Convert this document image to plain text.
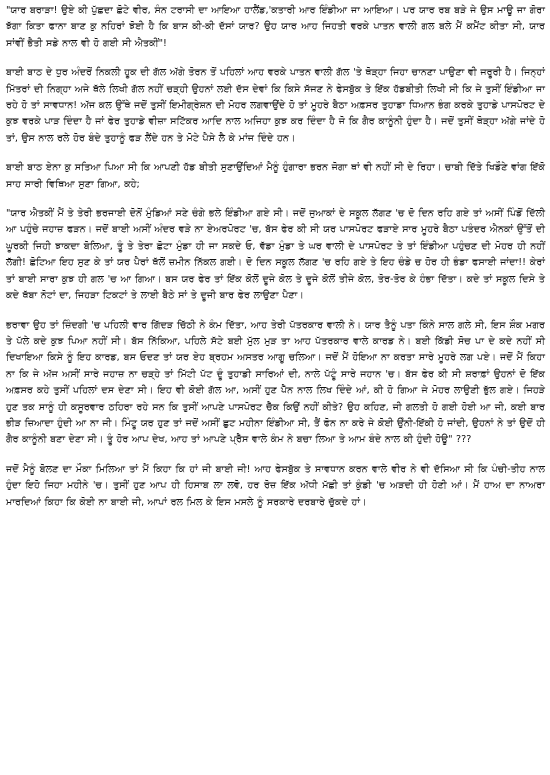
"ਯਾਰ ਬਰਾੜਾ! ਉਏ ਕੀ ਪੁੱਛਦਾ ਛੋਟੇ ਵੀਰ, ਸੰਨ ਟਰਾਸੀ ਦਾ ਆਇਆ ਹਾਲੈਂਡ,'ਕਤਾਰੀ ਆਰ ਇੰਡੀਆ ਜਾ ਆਇਆ। ਪਰ ਯਾਰ ਰਬ ਬੜੇ ਜੇ ਉਸ ਮਾਊ ਜਾ ਗੋਰਾ ਝੱਗਾ ਕਿਤਾ ਫਾਨਾ ਬਾਣ ਕੁ ਨਹਿਰਾਂ ਝੋਈ ਹੈ ਕਿ ਬਾਸ ਕੀ-ਕੀ ਦੱਸਾਂ ਯਾਰ? ਉਹ ਯਾਰ ਆਹ ਜਿਹਤੀ ਵਰਕੇ ਪਾਤਨ ਵਾਲੀ ਗਲ ਬਲੇ ਮੈਂ ਕਮੈਂਟ ਕੀਤਾ ਸੀ, ਯਾਰ ਸਾਂਵੀਂ ਭੈਤੀ ਸਡੇ ਨਾਲ ਵੀ ਹੋ ਗਈ ਸੀ ਐਤਕੀਂ"!

ਬਾਈ ਬਾਠ ਦੇ ਧੁਰ ਅੰਦਰੋਂ ਨਿਕਲੀ ਹੂਕ ਦੀ ਗੱਲ ਅੱਗੇ ਤੋਰਨ ਤੋਂ ਪਹਿਲਾਂ ਆਹ ਵਰਕੇ ਪਾਤਨ ਵਾਲੀ ਗੱਲ 'ਤੇ ਥੋੜ੍ਹਾ ਜਿਹਾ ਚਾਨਣਾ ਪਾਉਣਾ ਵੀ ਜਰੂਰੀ ਹੈ। ਜਿਨ੍ਹਾਂ ਮਿੱਤਰਾਂ ਦੀ ਨਿਗ੍ਹਾ ਅਜੇ ਥੱਲੇ ਲਿਖੀ ਗੱਲ ਨਹੀਂ ਚੜ੍ਹੀ ਉਹਨਾਂ ਲਈ ਦੱਸ ਦੇਵਾਂ ਕਿ ਕਿਸੇ ਸੱਜਣ ਨੇ ਫੇਸਬੁੱਕ ਤੇ ਇੱਕ ਹੱਡਬੀਤੀ ਲਿਖੀ ਸੀ ਕਿ ਜੇ ਤੁਸੀਂ ਇੰਡੀਆ ਜਾ ਰਹੇ ਹੋ ਤਾਂ ਸਾਵਧਾਨ! ਅੱਜ ਕਲ ਉੱਥੇ ਜਦੋਂ ਤੁਸੀਂ ਇਮੀਗ੍ਰੇਸ਼ਨ ਦੀ ਮੋਹਰ ਲਗਵਾਉਂਦੇ ਹੋ ਤਾਂ ਮੂਹਰੇ ਬੈਠਾ ਅਫ਼ਸਰ ਤੁਹਾਡਾ ਧਿਆਨ ਭੰਗ ਕਰਕੇ ਤੁਹਾਡੇ ਪਾਸਪੋਰਟ ਦੇ ਕੁਝ ਵਰਕੇ ਪਾੜ ਦਿੰਦਾ ਹੈ ਜਾਂ ਫੇਰ ਤੁਹਾਡੇ ਵੀਜ਼ਾ ਸਟਿੱਕਰ ਆਦਿ ਨਾਲ ਅਜਿਹਾ ਕੁਝ ਕਰ ਦਿੰਦਾ ਹੈ ਜੋ ਕਿ ਗੈਰ ਕਾਨੂੰਨੀ ਹੁੰਦਾ ਹੈ। ਜਦੋਂ ਤੁਸੀਂ ਥੋੜ੍ਹਾ ਅੱਗੇ ਜਾਂਦੇ ਹੋ ਤਾਂ, ਉਸ ਨਾਲ ਰਲੇ ਹੋਰ ਬੰਦੇ ਤੁਹਾਨੂੰ ਫੜ ਲੈਂਦੇ ਹਨ ਤੇ ਮੋਟੇ ਪੈਸੇ ਲੈ ਕੇ ਮਾਂਜ ਦਿੰਦੇ ਹਨ।

ਬਾਈ ਬਾਠ ਏਨਾ ਕੁ ਸਤਿਆ ਪਿਆ ਸੀ ਕਿ ਆਪਣੀ ਹੱਡ ਬੀਤੀ ਸੁਣਾਉਂਦਿਆਂ ਮੈਨੂੰ ਹੁੰਗਾਰਾ ਭਰਨ ਜੋਗਾ ਥਾਂ ਵੀ ਨਹੀਂ ਸੀ ਦੇ ਰਿਹਾ। ਚਾਬੀ ਦਿੱਤੇ ਖਿਡੌਣੇ ਵਾਂਗ ਇੱਕੋ ਸਾਹ ਸਾਰੀ ਵਿਥਿਆ ਸੁਣਾ ਗਿਆ, ਕਹੇ;

"ਯਾਰ ਐਤਕੀਂ ਮੈਂ ਤੇ ਤੇਰੀ ਭਰਜਾਈ ਦੋਨੋਂ ਮੁੰਡਿਆਂ ਸਣੇ ਚੰਗੇ ਭਲੇ ਇੰਡੀਆ ਗਏ ਸੀ। ਜਦੋਂ ਜੁਆਕਾਂ ਦੇ ਸਕੂਲ ਲੱਗਣ 'ਚ ਦੋ ਦਿਨ ਰਹਿ ਗਏ ਤਾਂ ਅਸੀਂ ਪਿੰਡੋਂ ਦਿੱਲੀ ਆ ਪਹੁੰਚੇ ਜਹਾਜ਼ ਫੜਨ। ਜਦੋਂ ਬਾਈ ਅਸੀਂ ਅੰਦਰ ਵੜੇ ਨਾ ਏਅਰਪੋਰਟ 'ਚ, ਬੱਸ ਫੇਰ ਕੀ ਸੀ ਯਰ ਪਾਸਪੋਰਟ ਫੜਾਏ ਸਾਰ ਮੂਹਰੇ ਬੈਠਾ ਪਤੰਦਰ ਐਨਕਾਂ ਉੱਤੋਂ ਦੀ ਘੂਰਕੀ ਜਿਹੀ ਝਾਕਦਾ ਬੋਲਿਆ, ਤੂੰ ਤੇ ਤੇਰਾ ਛੋਟਾ ਮੁੰਡਾ ਹੀ ਜਾ ਸਕਦੇ ਓ, ਵੱਡਾ ਮੁੰਡਾ ਤੇ ਘਰ ਵਾਲੀ ਦੇ ਪਾਸਪੋਰਟ ਤੇ ਤਾਂ ਇੰਡੀਆ ਪਹੁੰਚਣ ਦੀ ਮੋਹਰ ਹੀ ਨਹੀਂ ਲੱਗੀ! ਛੋਟਿਆ ਇਹ ਸੁਣ ਕੇ ਤਾਂ ਯਰ ਪੈਰਾਂ ਥੱਲੋਂ ਜ਼ਮੀਨ ਨਿੱਕਲ ਗਈ। ਦੋ ਦਿਨ ਸਕੂਲ ਲੱਗਣ 'ਚ ਰਹਿ ਗਏ ਤੇ ਇਹ ਚੰਡੇ ਚ ਹੋਰ ਹੀ ਭੰਡਾ ਫਸਾਈ ਜਾਂਦਾ!! ਕੇਰਾਂ ਤਾਂ ਬਾਈ ਸਾਰਾ ਕੁਝ ਹੀ ਗਲ 'ਚ ਆ ਗਿਆ। ਬਸ ਯਰ ਫੇਰ ਤਾਂ ਇੱਕ ਕੋਲੋਂ ਦੂਜੇ ਕੋਲ ਤੇ ਦੂਜੇ ਕੋਲੋਂ ਤੀਜੇ ਕੋਲ, ਤੋਰ-ਤੋਰ ਕੇ ਹੰਭਾ ਦਿੱਤਾ। ਕਦੇ ਤਾਂ ਸਕੂਲ ਦਿਸੇ ਤੇ ਕਦੇ ਥੱਬਾ ਨੋਟਾਂ ਦਾ, ਜਿਹੜਾ ਟਿਕਟਾਂ ਤੇ ਲਾਈ ਬੈਠੇ ਸਾਂ ਤੇ ਦੂਜੀ ਬਾਰ ਫੇਰ ਲਾਉਣਾ ਪੈਣਾ।

ਭਰਾਵਾ ਉਹ ਤਾਂ ਜ਼ਿੰਦਗੀ 'ਚ ਪਹਿਲੀ ਵਾਰ ਗਿੱਦੜ ਚਿੱਠੀ ਨੇ ਕੰਮ ਦਿੱਤਾ, ਆਹ ਤੇਰੀ ਪੱਤਰਕਾਰ ਵਾਲੀ ਨੇ। ਯਾਰ ਤੈਨੂੰ ਪਤਾ ਕਿੰਨੇ ਸਾਲ ਗਲੇ ਸੀ, ਇਸ ਸ਼ੌਕ ਮਗਰ ਤੇ ਪੱਲੇ ਕਦੇ ਕੁਝ ਪਿਆ ਨਹੀਂ ਸੀ। ਬੱਸ ਨਿੱਕਿਆ, ਪਹਿਲੇ ਸੱਟੇ ਬਈ ਮੁੱਲ ਮੁੜ ਤਾ ਆਹ ਪੱਤਰਕਾਰ ਵਾਲੇ ਕਾਰਡ ਨੇ। ਬਈ ਕਿੱਡੀ ਸੋਚ ਪਾ ਦੇ ਕਦੇ ਨਹੀਂ ਸੀ ਦਿਖਾਇਆ ਕਿਸੇ ਨੂੰ ਇਹ ਕਾਰਡ, ਬਸ ਓਦਣ ਤਾਂ ਯਰ ਏਹ ਬ੍ਰਹਮ ਅਸਤਰ ਆਗੂ ਚਲਿਆ। ਜਦੋਂ ਮੈਂ ਹੋਇਆ ਨਾ ਕਰਤਾ ਸਾਰੇ ਮੂਹਰੇ ਲਗ ਪਏ। ਜਦੋਂ ਮੈਂ ਕਿਹਾ ਨਾ ਕਿ ਜੇ ਅੱਜ ਅਸੀਂ ਸਾਰੇ ਜਹਾਜ਼ ਨਾ ਚੜ੍ਹੇ ਤਾਂ ਮਿੱਟੀ ਪੱਟ ਦੂੰ ਤੁਹਾਡੀ ਸਾਰਿਆਂ ਦੀ, ਨਾਲੇ ਪੱਟੂੰ ਸਾਰੇ ਜਹਾਨ 'ਚ। ਬੱਸ ਫੇਰ ਕੀ ਸੀ ਸ਼ਰਾਫ਼ਾਂ ਉਹਨਾਂ ਦੋ ਇੱਕ ਅਫ਼ਸਰ ਕਹੇ ਤੁਸੀਂ ਪਹਿਲਾਂ ਦਸ ਦੇਣਾ ਸੀ। ਇਹ ਵੀ ਕੋਈ ਗੱਲ ਆ, ਅਸੀਂ ਹੁਣ ਪੈੱਨ ਨਾਲ ਲਿਖ ਦਿੰਦੇ ਆਂ, ਕੀ ਹੋ ਗਿਆ ਜੇ ਮੋਹਰ ਲਾਉਣੀ ਭੁੱਲ ਗਏ। ਜਿਹੜੇ ਹੁਣ ਤਕ ਸਾਨੂੰ ਹੀ ਕਸੂਰਵਾਰ ਠਹਿਰਾ ਰਹੇ ਸਨ ਕਿ ਤੁਸੀਂ ਆਪਣੇ ਪਾਸਪੋਰਟ ਚੈੱਕ ਕਿਉਂ ਨਹੀਂ ਕੀਤੇ? ਉਹ ਕਹਿਣ, ਜੀ ਗਲਤੀ ਹੋ ਗਈ ਹੋਈ ਆ ਜੀ, ਕਈ ਬਾਰ ਭੀੜ ਜ਼ਿਆਦਾ ਹੁੰਦੀ ਆ ਨਾ ਜੀ। ਮਿੰਟੂ ਯਰ ਹੁਣ ਤਾਂ ਜਦੋਂ ਅਸੀਂ ਛੁਟ ਮਹੀਨਾ ਇੰਡੀਆ ਸੀ, ਤੈਂ ਫੋਨ ਨਾ ਕਰੇ ਜੇ ਕੋਈ ਉੰਨੀ-ਇੱਕੀ ਹੋ ਜਾਂਦੀ, ਉਹਨਾਂ ਨੇ ਤਾਂ ਉਦੋਂ ਹੀ ਗੈਰ ਕਾਨੂੰਨੀ ਬਣਾ ਦੇਣਾ ਸੀ। ਤੂੰ ਹੋਰ ਆਪ ਦੇਖ, ਆਹ ਤਾਂ ਆਪਣੇ ਪ੍ਰੈੱਸ ਵਾਲੇ ਕੰਮ ਨੇ ਬਚਾ ਲਿਆ ਤੇ ਆਮ ਬੰਦੇ ਨਾਲ ਕੀ ਹੁੰਦੀ ਹੋਊ" ???

ਜਦੋਂ ਮੈਨੂੰ ਬੋਲਣ ਦਾ ਮੌਕਾ ਮਿਲਿਆ ਤਾਂ ਮੈਂ ਕਿਹਾ ਕਿ ਹਾਂ ਜੀ ਬਾਈ ਜੀ! ਆਹ ਫੇਸਬੁੱਕ ਤੇ ਸਾਵਧਾਨ ਕਰਨ ਵਾਲੇ ਵੀਰ ਨੇ ਵੀ ਦੱਸਿਆ ਸੀ ਕਿ ਪੰਚੀ-ਤੀਹ ਨਾਲ ਹੁੰਦਾ ਇਹੋ ਜਿਹਾ ਮਹੀਨੇ 'ਚ। ਤੁਸੀਂ ਹੁਣ ਆਪ ਹੀ ਹਿਸਾਬ ਲਾ ਲਵੋ, ਹਰ ਰੋਜ਼ ਇੱਕ ਅੱਧੀ ਮੱਛੀ ਤਾਂ ਕੁੰਡੀ 'ਚ ਅੜਦੀ ਹੀ ਹੋਣੀ ਆਂ। ਮੈਂ ਹਾਅ ਦਾ ਨਾਅਰਾ ਮਾਰਦਿਆਂ ਕਿਹਾ ਕਿ ਕੋਈ ਨਾ ਬਾਈ ਜੀ, ਆਪਾਂ ਰਲ ਮਿਲ ਕੇ ਇਸ ਮਸਲੇ ਨੂੰ ਸਰਕਾਰੇ ਦਰਬਾਰੇ ਚੁੱਕਦੇ ਹਾਂ।
